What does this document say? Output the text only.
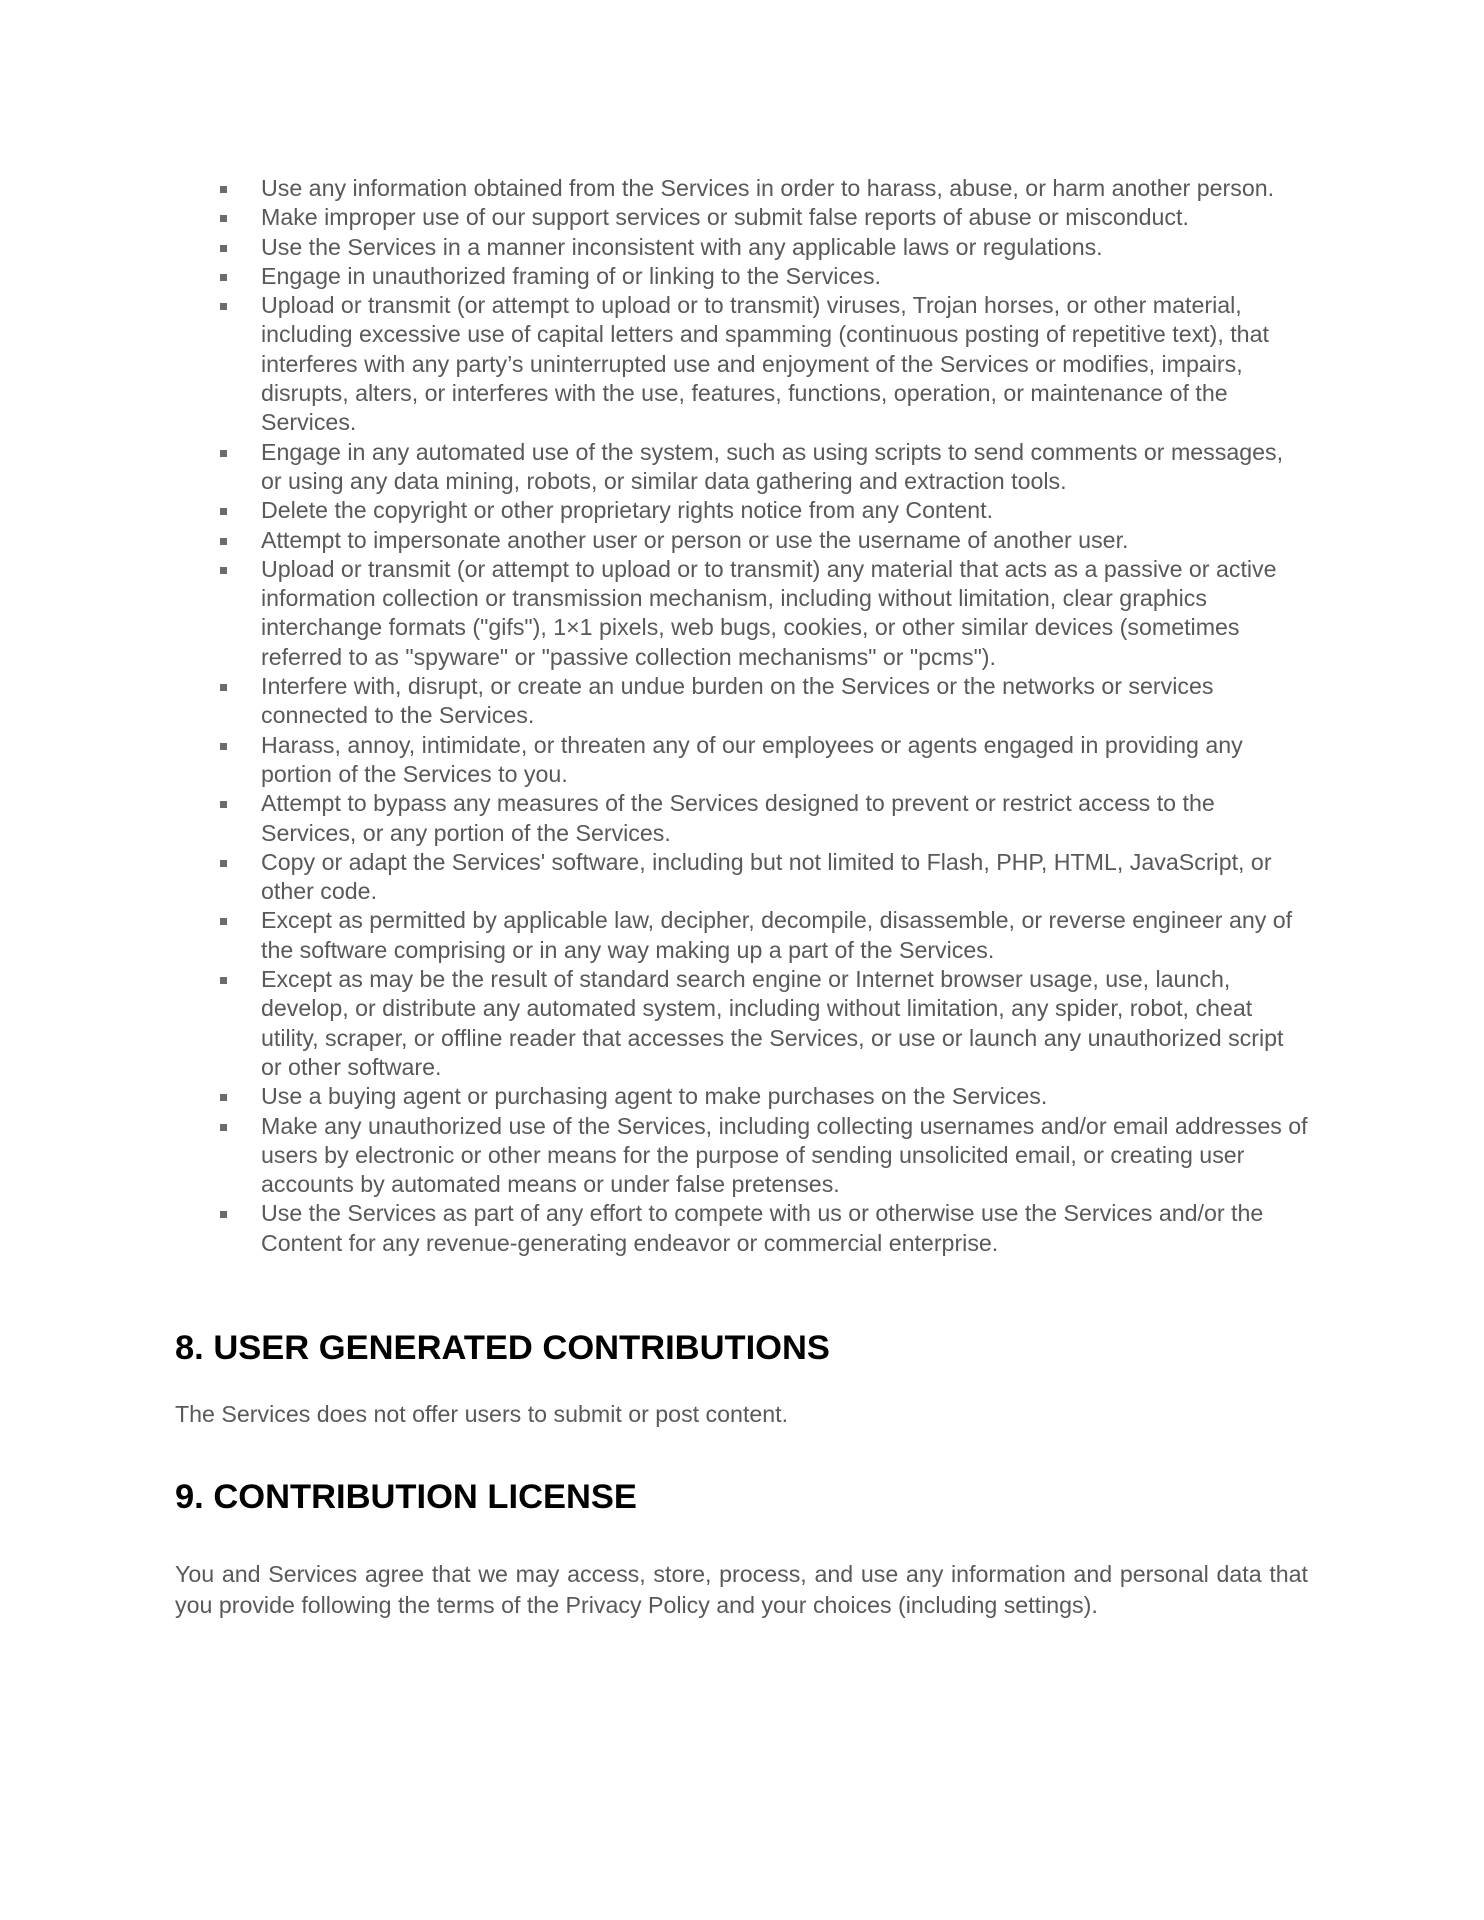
Use any information obtained from the Services in order to harass, abuse, or harm another person.
Make improper use of our support services or submit false reports of abuse or misconduct.
Use the Services in a manner inconsistent with any applicable laws or regulations.
Engage in unauthorized framing of or linking to the Services.
Upload or transmit (or attempt to upload or to transmit) viruses, Trojan horses, or other material, including excessive use of capital letters and spamming (continuous posting of repetitive text), that interferes with any party’s uninterrupted use and enjoyment of the Services or modifies, impairs, disrupts, alters, or interferes with the use, features, functions, operation, or maintenance of the Services.
Engage in any automated use of the system, such as using scripts to send comments or messages, or using any data mining, robots, or similar data gathering and extraction tools.
Delete the copyright or other proprietary rights notice from any Content.
Attempt to impersonate another user or person or use the username of another user.
Upload or transmit (or attempt to upload or to transmit) any material that acts as a passive or active information collection or transmission mechanism, including without limitation, clear graphics interchange formats ("gifs"), 1×1 pixels, web bugs, cookies, or other similar devices (sometimes referred to as "spyware" or "passive collection mechanisms" or "pcms").
Interfere with, disrupt, or create an undue burden on the Services or the networks or services connected to the Services.
Harass, annoy, intimidate, or threaten any of our employees or agents engaged in providing any portion of the Services to you.
Attempt to bypass any measures of the Services designed to prevent or restrict access to the Services, or any portion of the Services.
Copy or adapt the Services' software, including but not limited to Flash, PHP, HTML, JavaScript, or other code.
Except as permitted by applicable law, decipher, decompile, disassemble, or reverse engineer any of the software comprising or in any way making up a part of the Services.
Except as may be the result of standard search engine or Internet browser usage, use, launch, develop, or distribute any automated system, including without limitation, any spider, robot, cheat utility, scraper, or offline reader that accesses the Services, or use or launch any unauthorized script or other software.
Use a buying agent or purchasing agent to make purchases on the Services.
Make any unauthorized use of the Services, including collecting usernames and/or email addresses of users by electronic or other means for the purpose of sending unsolicited email, or creating user accounts by automated means or under false pretenses.
Use the Services as part of any effort to compete with us or otherwise use the Services and/or the Content for any revenue-generating endeavor or commercial enterprise.
8. USER GENERATED CONTRIBUTIONS

The Services does not offer users to submit or post content.

9. CONTRIBUTION LICENSE

You and Services agree that we may access, store, process, and use any information and personal data that you provide following the terms of the Privacy Policy and your choices (including settings).
